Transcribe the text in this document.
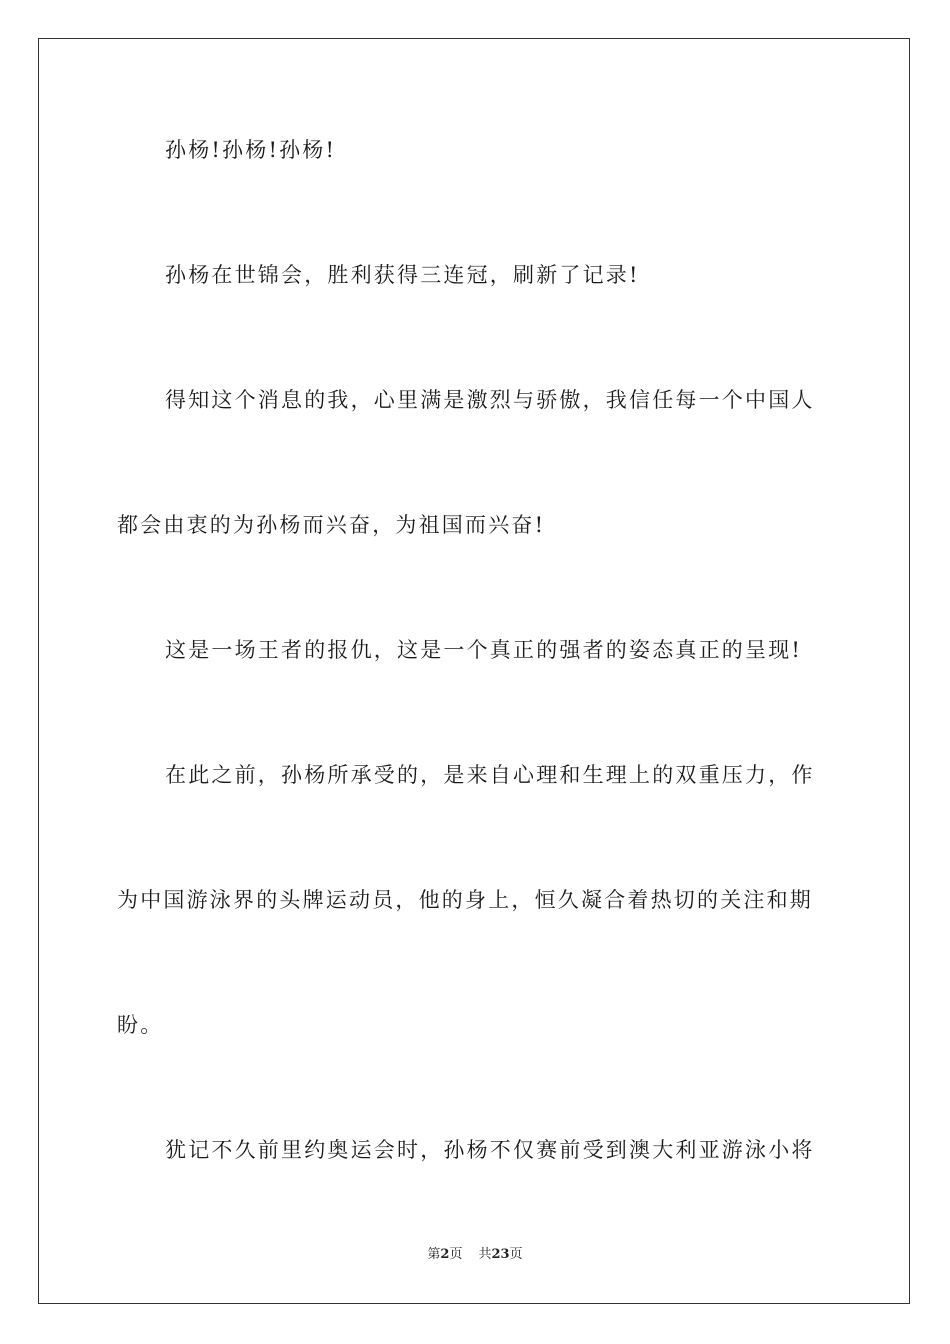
孙杨!孙杨!孙杨!
孙杨在世锦会，胜利获得三连冠，刷新了记录!
得知这个消息的我，心里满是激烈与骄傲，我信任每一个中国人
都会由衷的为孙杨而兴奋，为祖国而兴奋!
这是一场王者的报仇，这是一个真正的强者的姿态真正的呈现!
在此之前，孙杨所承受的，是来自心理和生理上的双重压力，作
为中国游泳界的头牌运动员，他的身上，恒久凝合着热切的关注和期
盼。
犹记不久前里约奥运会时，孙杨不仅赛前受到澳大利亚游泳小将
第2页 共23页
